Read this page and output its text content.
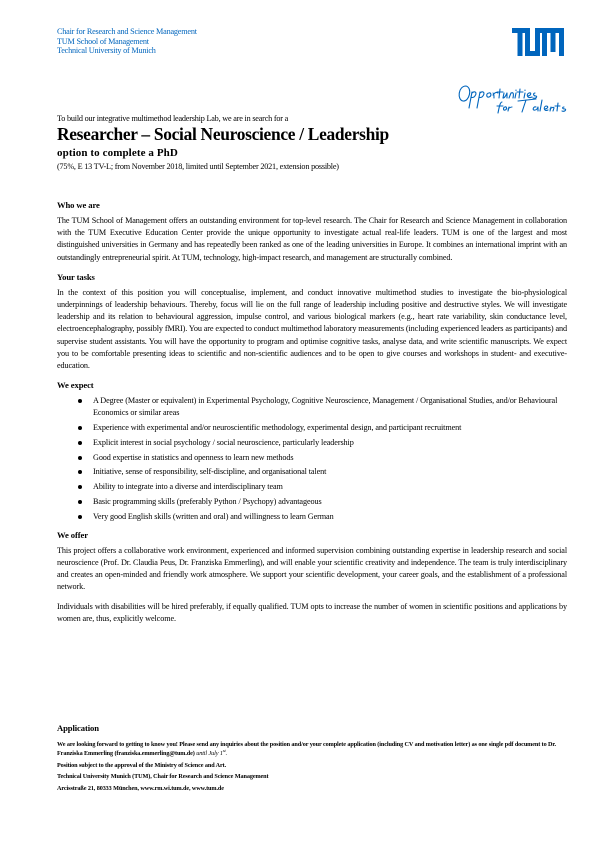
Chair for Research and Science Management
TUM School of Management
Technical University of Munich
To build our integrative multimethod leadership Lab, we are in search for a
Researcher – Social Neuroscience / Leadership
option to complete a PhD
(75%, E 13 TV-L; from November 2018, limited until September 2021, extension possible)
Who we are

The TUM School of Management offers an outstanding environment for top-level research. The Chair for Research and Science Management in collaboration with the TUM Executive Education Center provide the unique opportunity to investigate actual real-life leaders. TUM is one of the largest and most distinguished universities in Germany and has repeatedly been ranked as one of the leading universities in Europe. It combines an international imprint with an outstandingly entrepreneurial spirit. At TUM, technology, high-impact research, and management are structurally combined.

Your tasks

In the context of this position you will conceptualise, implement, and conduct innovative multimethod studies to investigate the bio-physiological underpinnings of leadership behaviours. Thereby, focus will lie on the full range of leadership including positive and destructive styles. We will investigate leadership and its relation to behavioural aggression, impulse control, and various biological markers (e.g., heart rate variability, skin conductance level, electroencephalography, possibly fMRI). You are expected to conduct multimethod laboratory measurements (including experienced leaders as participants) and supervise student assistants. You will have the opportunity to program and optimise cognitive tasks, analyse data, and write scientific manuscripts. We expect you to be comfortable presenting ideas to scientific and non-scientific audiences and to be open to give courses and workshops in student- and executive-education.

We expect
A Degree (Master or equivalent) in Experimental Psychology, Cognitive Neuroscience, Management / Organisational Studies, and/or Behavioural Economics or similar areas
Experience with experimental and/or neuroscientific methodology, experimental design, and participant recruitment
Explicit interest in social psychology / social neuroscience, particularly leadership
Good expertise in statistics and openness to learn new methods
Initiative, sense of responsibility, self-discipline, and organisational talent
Ability to integrate into a diverse and interdisciplinary team
Basic programming skills (preferably Python / Psychopy) advantageous
Very good English skills (written and oral) and willingness to learn German
We offer

This project offers a collaborative work environment, experienced and informed supervision combining outstanding expertise in leadership research and social neuroscience (Prof. Dr. Claudia Peus, Dr. Franziska Emmerling), and will enable your scientific creativity and independence. The team is truly interdisciplinary and creates an open-minded and friendly work atmosphere. We support your scientific development, your career goals, and the establishment of a professional network.

Individuals with disabilities will be hired preferably, if equally qualified. TUM opts to increase the number of women in scientific positions and applications by women are, thus, explicitly welcome.

Application
We are looking forward to getting to know you! Please send any inquiries about the position and/or your complete application (including CV and motivation letter) as one single pdf document to Dr. Franziska Emmerling (franziska.emmerling@tum.de) until July 1st.
Position subject to the approval of the Ministry of Science and Art.
Technical University Munich (TUM), Chair for Research and Science Management
Arcisstraße 21, 80333 München, www.rm.wi.tum.de, www.tum.de
